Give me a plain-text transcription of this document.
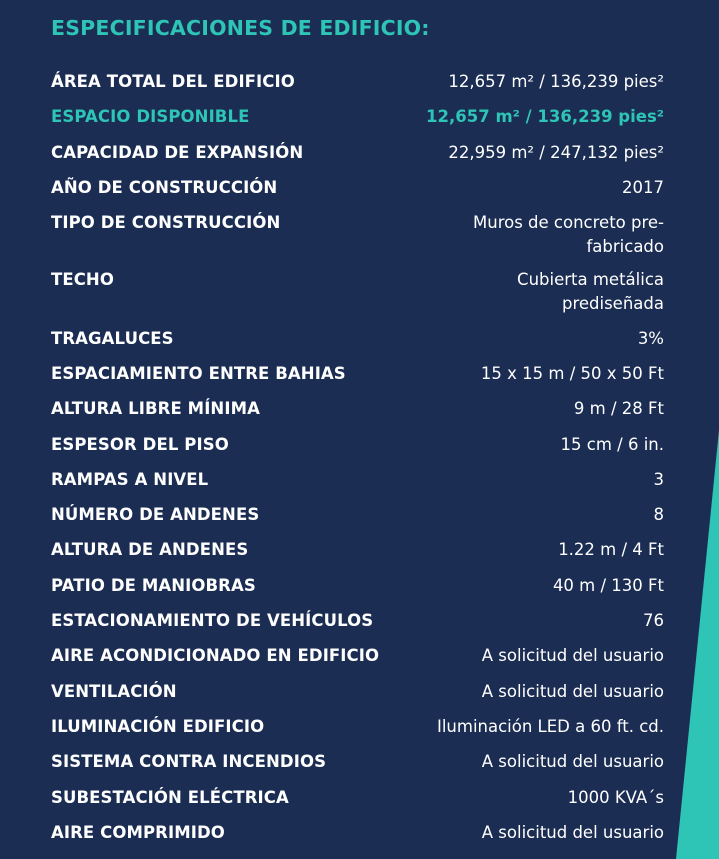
ESPECIFICACIONES DE EDIFICIO:
ÁREA TOTAL DEL EDIFICIO	12,657 m² / 136,239 pies²
ESPACIO DISPONIBLE	12,657 m² / 136,239 pies²
CAPACIDAD DE EXPANSIÓN	22,959 m² / 247,132 pies²
AÑO DE CONSTRUCCIÓN	2017
TIPO DE CONSTRUCCIÓN	Muros de concreto pre-fabricado
TECHO	Cubierta metálica prediseñada
TRAGALUCES	3%
ESPACIAMIENTO ENTRE BAHIAS	15 x 15 m / 50 x 50 Ft
ALTURA LIBRE MÍNIMA	9 m / 28 Ft
ESPESOR DEL PISO	15 cm / 6 in.
RAMPAS A NIVEL	3
NÚMERO DE ANDENES	8
ALTURA DE ANDENES	1.22 m / 4 Ft
PATIO DE MANIOBRAS	40 m / 130 Ft
ESTACIONAMIENTO DE VEHÍCULOS	76
AIRE ACONDICIONADO EN EDIFICIO	A solicitud del usuario
VENTILACIÓN	A solicitud del usuario
ILUMINACIÓN EDIFICIO	Iluminación LED a 60 ft. cd.
SISTEMA CONTRA INCENDIOS	A solicitud del usuario
SUBESTACIÓN ELÉCTRICA	1000 KVA´s
AIRE COMPRIMIDO	A solicitud del usuario
